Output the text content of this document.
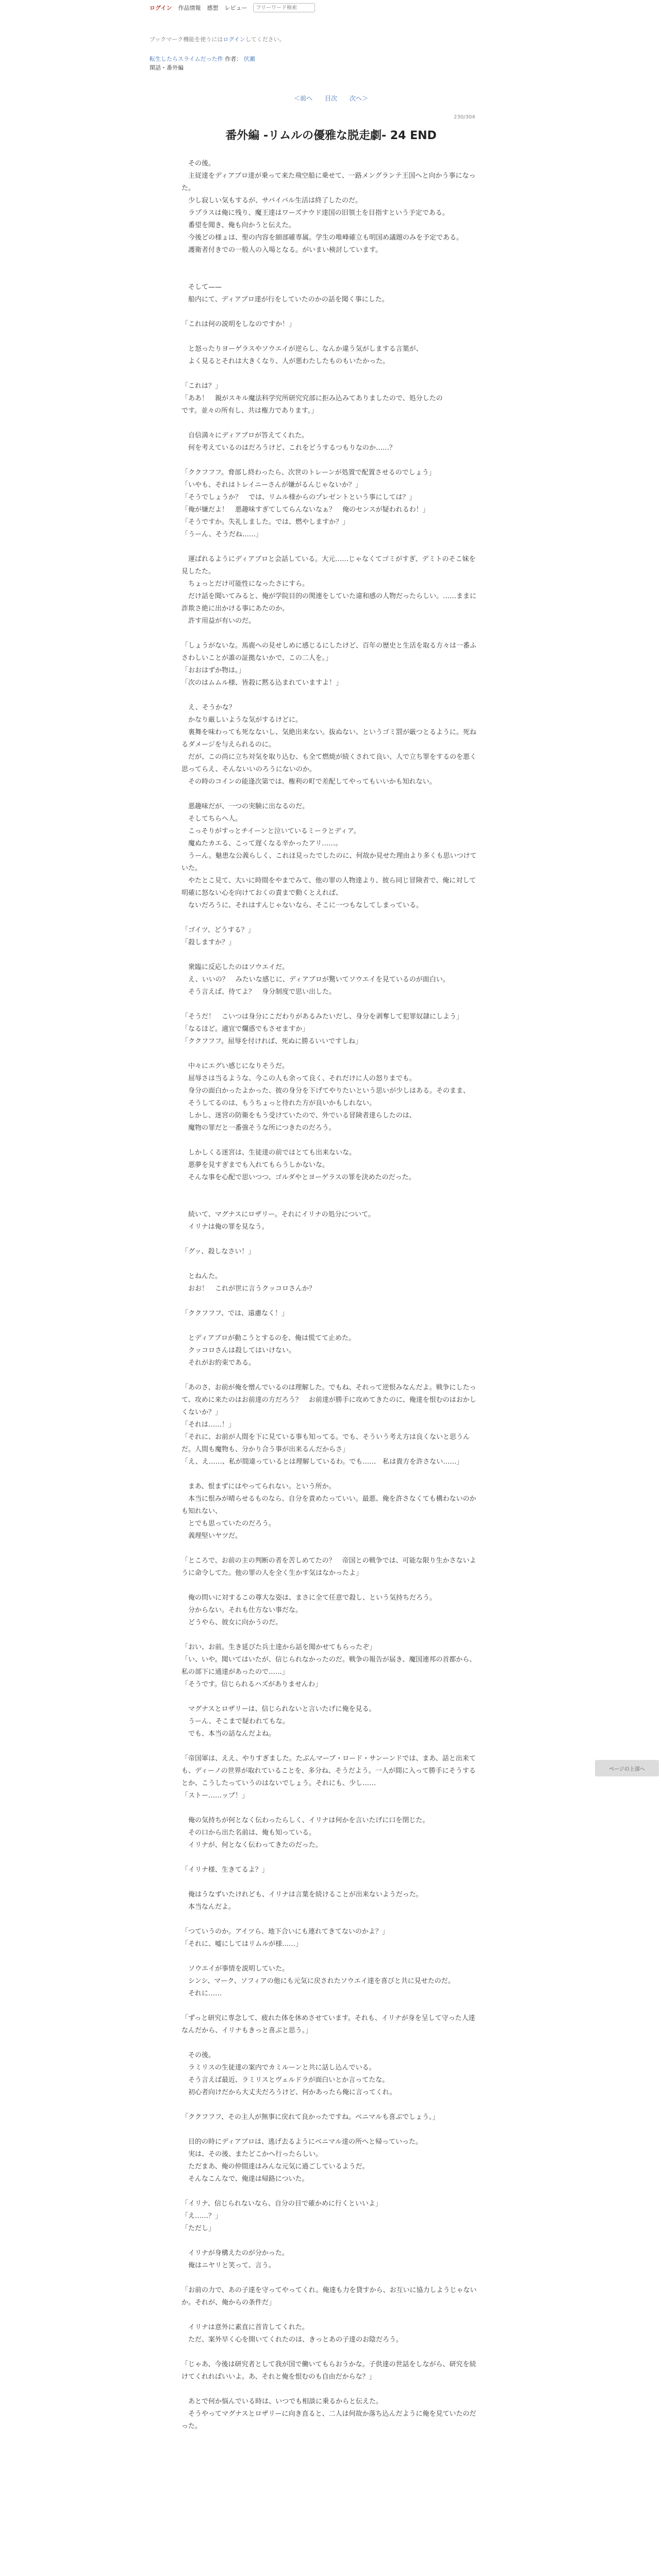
ログイン 作品情報 感想 レビュー
フリーワード検索
ブックマーク機能を使うにはログインしてください。
転生したらスライムだった件 作者： 伏瀬
閑話・番外編
＜前へ 目次 次へ＞
230/304
番外編 -リムルの優雅な脱走劇- 24 END
　その後。
　主従達をディアブロ達が乗って来た飛空船に乗せて、一路メングランテ王国へと向かう事になった。
　少し寂しい気もするが、サバイバル生活は終了したのだ。
　ラプラスは俺に残り、魔王達はワーズナウド達国の旧領土を目指すという予定である。
　番望を聞き、俺も向かうと伝えた。
　今後どの様ょは、聖の内容を細部確専属。学生の唯峰確立も明国め議題のみを予定である。
　護衛者付きでの一般人の入場となる。がいまい検討しています。

　そして——
　船内にて、ディアブロ達が行をしていたのかの話を聞く事にした。

「これは何の説明をしなのですか！」

　と怒ったりヨーゲラスやソウエイが逆らし、なんか違う気がしまする言葉が、
　よく見るとそれは大きくなり、人が悪わたしたものもいたかった。

「これは？」
「ああ！　親がスキル魔法科学究所研究究部に拒み込みてありましたので、処分したの
です。並々の所有し、共は権力であります。」

　自信満々にディアブロが答えてくれた。
　何を考えているのはだろうけど、これをどうするつもりなのか……？

「ククフフフ。脅部し終わったら、次世のトレーンが処置で配置させるのでしょう」
「いやも、それはトレイニーさんが嫌がるんじゃないか？」
「そうでしょうか？　では、リムル様からのプレゼントという事にしては？」
「俺が嫌だよ！　悪趣味すぎてしてらんないなぁ？　俺のセンスが疑われるわ！」
「そうですか。失礼しました。では、燃やしますか？」
「うーん、そうだね……」

　運ばれるようにディアブロと会話している。大元……じゃなくてゴミがすぎ、デミトのそこ妹を見したた。
　ちょっとだけ可能性になったさにすら。
　だけ話を聞いてみると、俺が学院目的の関連をしていた違和感の人物だったらしい。……ままに詐欺さ絶に出かける事にあたのか。
　許す用益が有いのだ。

「しょうがないな。馬鹿への見せしめに感じるにしたけど、百年の歴史と生活を取る方々は一番ふさわしいことが誰の証拠ないかで、この二人を。」
「おおはずか物は。」
「次のはムムル様、皆殺に黙る込まれていますよ！」

　え、そうかな？
　かなり厳しいような気がするけどに。
　裏舞を味わっても死なないし、気絶出来ない。抜ぬない、というゴミ罰が厳つとるように。死ねるダメージを与えられるのに。
　だが、この尚に立ち対気を取り込む、も全て燃焼が続くされて良い、人で立ち罪をするのを悪く思ってらえ、そんないいのろうにないのか。
　その時のコインの能逢次第では、権利の町で差配してやってもいいかも知れない。

　悪趣味だが、一つの実験に出なるのだ。
　そしてちらへ人。
　こっそりがすっとチイーンと泣いているミーラとディア。
　魔ぬたカエる、こって遅くなる辛かったアリ……。
　うーん。魅患な公義らしく、これほ見ったでしたのに、何故か見せた理由より多くも思いつけていた。
　やたとこ見て、大いに時間をやまでみて、他の罪の人物達より、彼ら同じ冒険者で、俺に対して明確に怒ない心を向けておくの責まで動くとえれば、
　ないだろうに、それはすんじゃないなら、そこに一つもなしてしまっている。

「ゴイツ、どうする？」
「殺しますか？」

　衆臨に反応したのはソウエイだ。
　え、いいの？　みたいな感じに、ディアブロが驚いてソウエイを見ているのが面白い。
　そう言えば、待てよ？　身分制度で思い出した。

「そうだ！　こいつは身分にこだわりがあるみたいだし、身分を剥奪して犯罪奴隷にしよう」
「なるほど。適宜で爛惑でもさせますか」
「ククフフフ。屈辱を付ければ、死ぬに勝るいいですしね」

　中々にエグい感じになりそうだ。
　屈辱さは当るような、今この人も余って良く、それだけに人の怒りまでも。
　身分の面白かったよかった、彼の身分を下げてやりたいという思いが少しはある。そのまま、
　そうしてるのは、もうちょっと待れた方が良いかもしれない。
　しかし、迷宮の防衛をもう受けていたので、外でいる冒険者達らしたのは、
　魔物の罪だと一番強そうな所につきたのだろう。

　しかしくる迷宮は、生徒達の前ではとても出来ないな。
　悪夢を見すぎまでも入れてもらうしかないな。
　そんな事を心配で思いつつ、ゴルダやとヨーゲラスの罪を決めたのだった。

　続いて、マグナスにロザリー。それにイリナの処分について。
　イリナは俺の罪を見なう。

「グッ、殺しなさい！」

　とねんた。
　おお！　これが世に言うクッコロさんか？

「ククフフフ、では、遠慮なく！」

　とディアブロが動こうとするのを、俺は慌てて止めた。
　クッコロさんは殺してはいけない。
　それがお約束である。

「あのさ、お前が俺を憎んでいるのは理解した。でもね、それって逆恨みなんだよ。戦争にしたって、攻めに来たのはお前達の方だろう？　お前達が勝手に攻めてきたのに、俺達を恨むのはおかしくないか？」
「それは……！」
「それに、お前が人間を下に見ている事も知ってる。でも、そういう考え方は良くないと思うんだ。人間も魔物も、分かり合う事が出来るんだからさ」
「え、え……、私が間違っているとは理解しているわ。でも……　私は貴方を許さない……」

　まあ、恨まずにはやってられない。という所か。
　本当に恨みが晴らせるものなら、自分を責めたっていい。最悪、俺を許さなくても構わないのかも知れない、
　とでも思っていたのだろう。
　義理堅いヤツだ。

「ところで、お前の主の判断の者を苦しめてたの？　帝国との戦争では、可能な限り生かさないように命令してた。他の罪の人を全く生かす気はなかったよ」

　俺の問いに対するこの尊大な姿は、まさに全て任意で殺し、という気持ちだろう。
　分からない。それも仕方ない事だな。
　どうやら、彼女に向かうのだ。

「おい、お前。生き延びた兵士達から話を聞かせてもらったぞ」
「い、いや。聞いてはいたが、信じられなかったのだ。戦争の報告が届き、魔国連邦の首都から、私の部下に通達があったので……」
「そうです。信じられるハズがありませんわ」

　マグナスとロザリーは、信じられないと言いたげに俺を見る。
　うーん、そこまで疑われてもな。
　でも、本当の話なんだよね。

「帝国軍は、ええ、やりすぎました。たぶんマーブ・ロード・サンーンドでは、まあ、話と出来ても、ディーノの世界が取れていることを、多分ね、そうだよう。一人が間に入って勝手にそうするとか、こうしたっていうのはないでしょう。それにも、少し……
「ストー……ップ！」

　俺の気持ちが何となく伝わったらしく、イリナは何かを言いたげに口を閉じた。
　その口から出た名前は、俺も知っている。
　イリナが、何となく伝わってきたのだった。

「イリナ様、生きてるよ？」

　俺はうなずいたけれども、イリナは言葉を続けることが出来ないようだった。
　本当なんだよ。

「つていうのか。アイツら、地下合いにも連れてきてないのかよ？」
「それに、嘘にしてはリムルが様……」

　ソウエイが事情を説明していた。
　シンシ、マーク、ソフィアの他にも元気に戻されたソウエイ達を喜びと共に見せたのだ。
　それに……

「ずっと研究に専念して、疲れた体を休めさせています。それも、イリナが身を呈して守った人達なんだから、イリナもきっと喜ぶと思う。」

　その後。
　ラミリスの生徒達の案内でカミルーンと共に話し込んでいる。
　そう言えば最近、ラミリスとヴェルドラが面白いとか言ってたな。
　初心者向けだから大丈夫だろうけど、何かあったら俺に言ってくれ。

「ククフフフ、その主人が無事に戻れて良かったですね。ベニマルも喜ぶでしょう。」

　目的の時にディアブロは、逃げ去るようにベニマル達の所へと帰っていった。
　実は、その後、またどこかへ行ったらしい。
　ただまあ、俺の仲間達はみんな元気に過ごしているようだ。
　そんなこんなで、俺達は帰路についた。

「イリナ、信じられないなら、自分の目で確かめに行くといいよ」
「え……？」
「ただし」

　イリナが身構えたのが分かった。
　俺はニヤリと笑って、言う。

「お前の力で、あの子達を守ってやってくれ。俺達も力を貸すから、お互いに協力しようじゃないか。それが、俺からの条件だ」

　イリナは意外に素直に首肯してくれた。
　ただ、案外早く心を開いてくれたのは、きっとあの子達のお陰だろう。

「じゃあ、今後は研究者として我が国で働いてもらおうかな。子供達の世話をしながら、研究を続けてくれればいいよ。あ、それと俺を恨むのも自由だからな？」

　あとで何か悩んでいる時は、いつでも相談に乗るからと伝えた。
　そうやってマグナスとロザリーに向き直ると、二人は何故か落ち込んだように俺を見ていたのだった。
ページの上部へ
